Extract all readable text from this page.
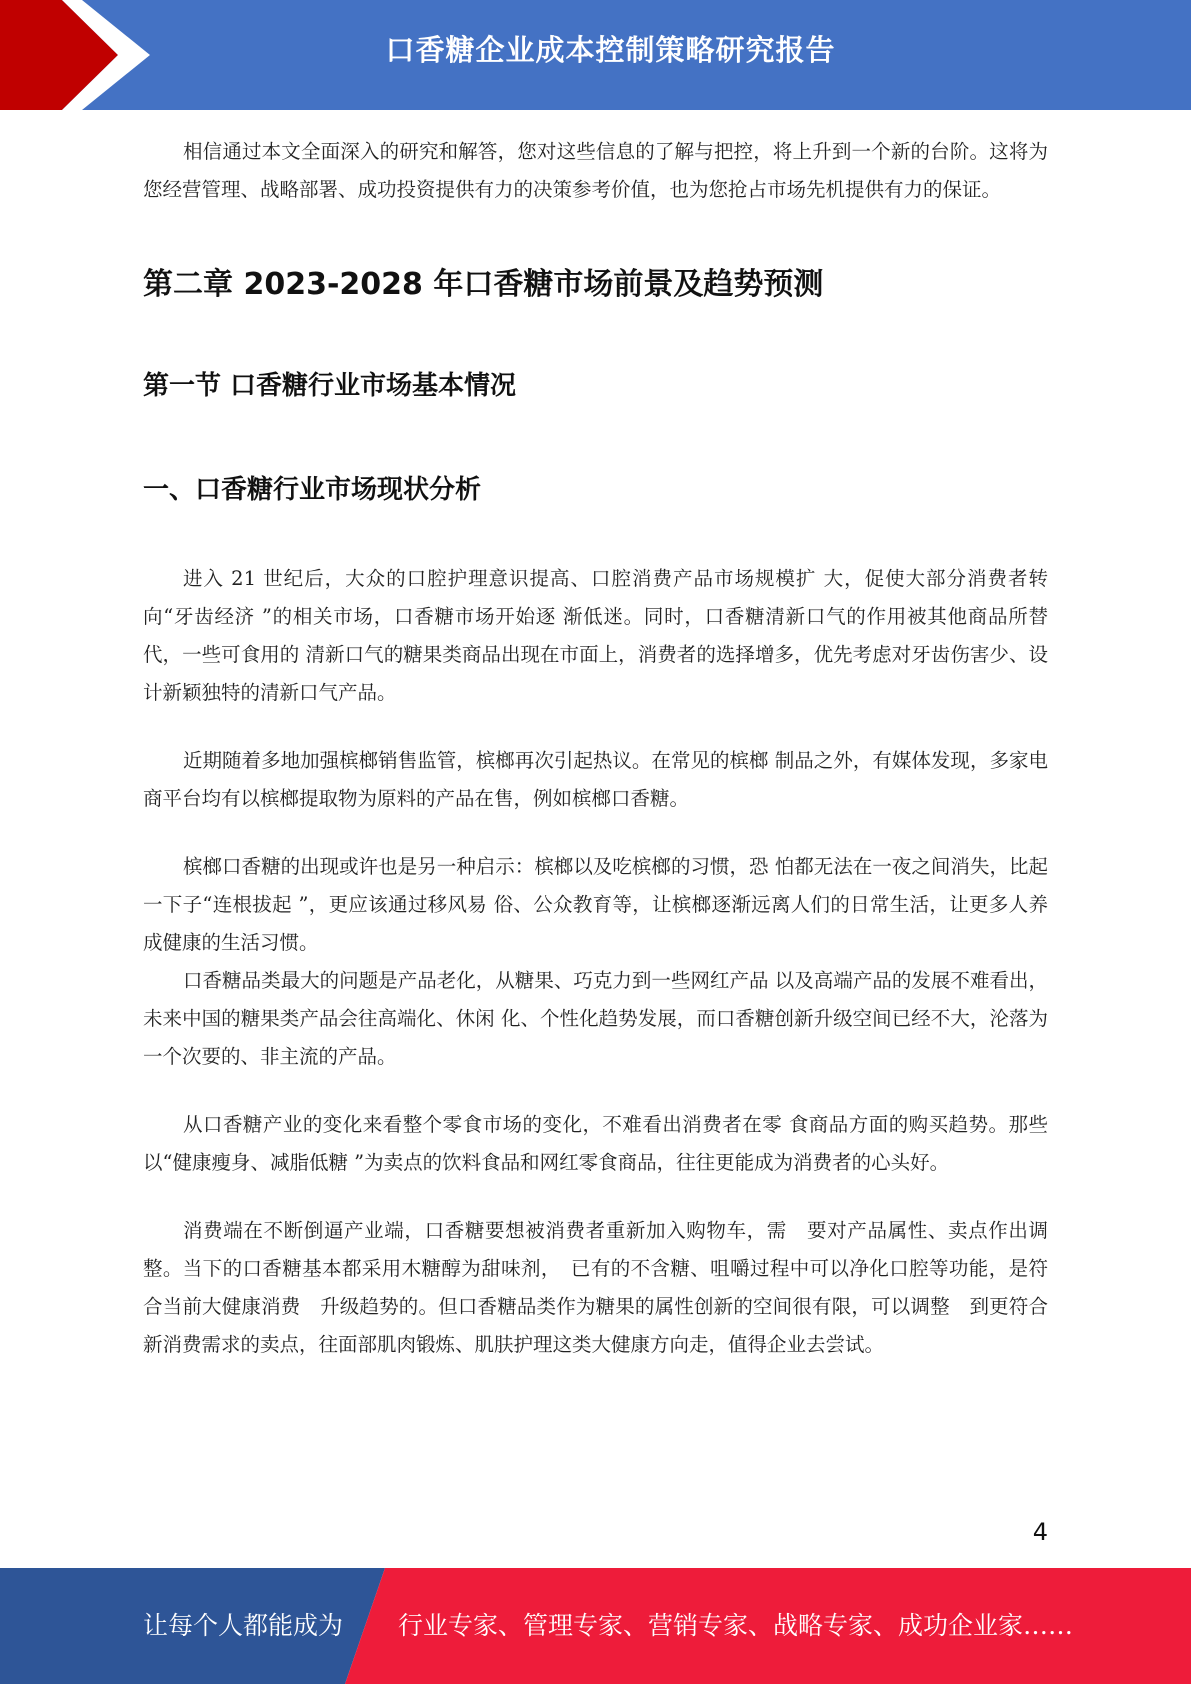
口香糖企业成本控制策略研究报告

相信通过本文全面深入的研究和解答，您对这些信息的了解与把控，将上升到一个新的台阶。这将为您经营管理、战略部署、成功投资提供有力的决策参考价值，也为您抢占市场先机提供有力的保证。

第二章 2023-2028 年口香糖市场前景及趋势预测
第一节 口香糖行业市场基本情况
一、口香糖行业市场现状分析

进入 21 世纪后，大众的口腔护理意识提高、口腔消费产品市场规模扩 大，促使大部分消费者转向“牙齿经济 ”的相关市场，口香糖市场开始逐 渐低迷。同时，口香糖清新口气的作用被其他商品所替代，一些可食用的 清新口气的糖果类商品出现在市面上，消费者的选择增多，优先考虑对牙齿伤害少、设计新颖独特的清新口气产品。

近期随着多地加强槟榔销售监管，槟榔再次引起热议。在常见的槟榔 制品之外，有媒体发现，多家电商平台均有以槟榔提取物为原料的产品在售，例如槟榔口香糖。

槟榔口香糖的出现或许也是另一种启示：槟榔以及吃槟榔的习惯，恐 怕都无法在一夜之间消失，比起一下子“连根拔起 ”，更应该通过移风易 俗、公众教育等，让槟榔逐渐远离人们的日常生活，让更多人养成健康的生活习惯。

口香糖品类最大的问题是产品老化，从糖果、巧克力到一些网红产品 以及高端产品的发展不难看出，未来中国的糖果类产品会往高端化、休闲 化、个性化趋势发展，而口香糖创新升级空间已经不大，沦落为一个次要的、非主流的产品。

从口香糖产业的变化来看整个零食市场的变化，不难看出消费者在零 食商品方面的购买趋势。那些以“健康瘦身、减脂低糖 ”为卖点的饮料食品和网红零食商品，往往更能成为消费者的心头好。

消费端在不断倒逼产业端，口香糖要想被消费者重新加入购物车，需　要对产品属性、卖点作出调整。当下的口香糖基本都采用木糖醇为甜味剂，　已有的不含糖、咀嚼过程中可以净化口腔等功能，是符合当前大健康消费　升级趋势的。但口香糖品类作为糖果的属性创新的空间很有限，可以调整　到更符合新消费需求的卖点，往面部肌肉锻炼、肌肤护理这类大健康方向走，值得企业去尝试。

4
让每个人都能成为 行业专家、管理专家、营销专家、战略专家、成功企业家……
